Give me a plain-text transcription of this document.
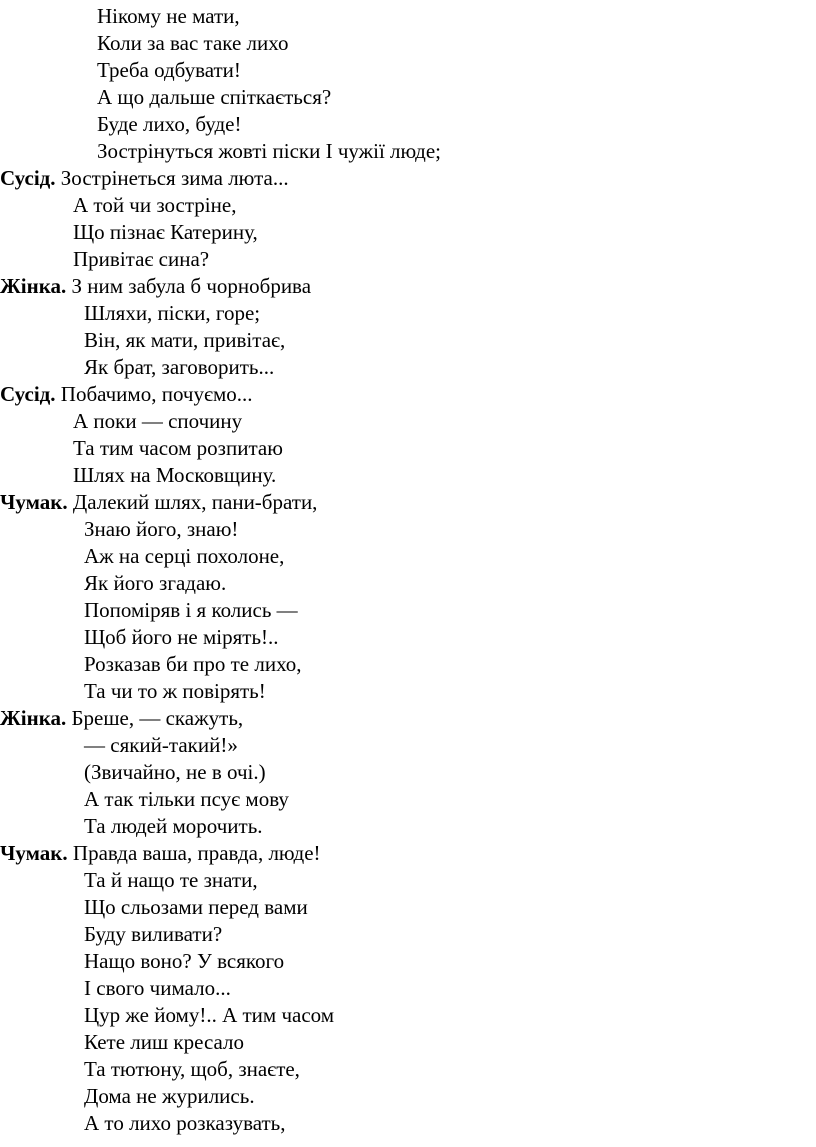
Нікому не мати,
Коли за вас таке лихо
Треба одбувати!
А що дальше спіткається?
Буде лихо, буде!
Зострінуться жовті піски І чужії люде;
Сусід. Зострінеться зима люта...
А той чи зостріне,
Що пізнає Катерину,
Привітає сина?
Жінка. З ним забула б чорнобрива
Шляхи, піски, горе;
Він, як мати, привітає,
Як брат, заговорить...
Сусід. Побачимо, почуємо...
А поки — спочину
Та тим часом розпитаю
Шлях на Московщину.
Чумак. Далекий шлях, пани-брати,
Знаю його, знаю!
Аж на серці похолоне,
Як його згадаю.
Попоміряв і я колись —
Щоб його не мірять!..
Розказав би про те лихо,
Та чи то ж повірять!
Жінка. Бреше, — скажуть,
— сякий-такий!»
(Звичайно, не в очі.)
А так тільки псує мову
Та людей морочить.
Чумак. Правда ваша, правда, люде!
Та й нащо те знати,
Що сльозами перед вами
Буду виливати?
Нащо воно? У всякого
І свого чимало...
Цур же йому!.. А тим часом
Кете лиш кресало
Та тютюну, щоб, знаєте,
Дома не журились.
А то лихо розказувать,
